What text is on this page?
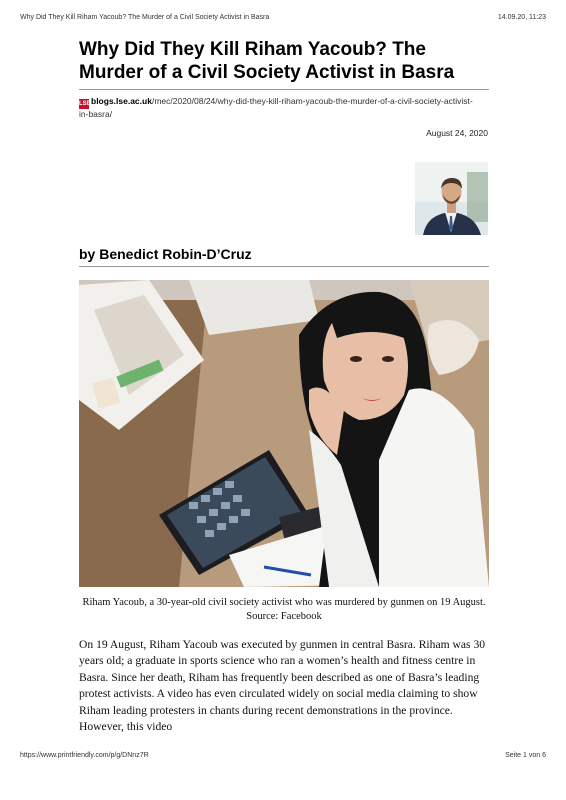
Why Did They Kill Riham Yacoub? The Murder of a Civil Society Activist in Basra	14.09.20, 11:23
Why Did They Kill Riham Yacoub? The Murder of a Civil Society Activist in Basra
LSEblogs.lse.ac.uk/mec/2020/08/24/why-did-they-kill-riham-yacoub-the-murder-of-a-civil-society-activist-in-basra/
August 24, 2020
by Benedict Robin-D’Cruz
Riham Yacoub, a 30-year-old civil society activist who was murdered by gunmen on 19 August. Source: Facebook

On 19 August, Riham Yacoub was executed by gunmen in central Basra. Riham was 30 years old; a graduate in sports science who ran a women’s health and fitness centre in Basra. Since her death, Riham has frequently been described as one of Basra’s leading protest activists. A video has even circulated widely on social media claiming to show Riham leading protesters in chants during recent demonstrations in the province. However, this video

https://www.printfriendly.com/p/g/DNnz7R	Seite 1 von 6
